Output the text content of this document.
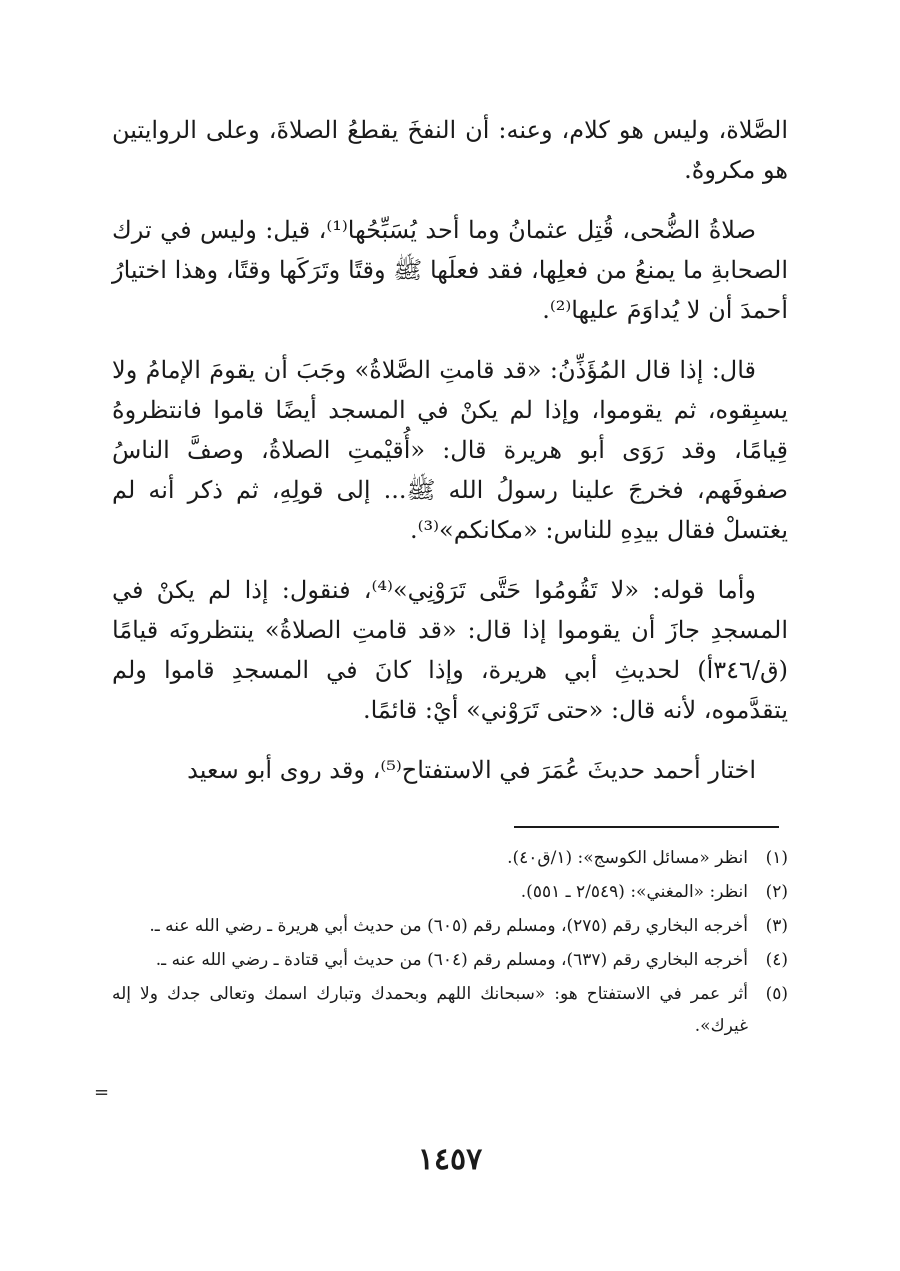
الصَّلاة، وليس هو كلام، وعنه: أن النفخَ يقطعُ الصلاةَ، وعلى الروايتين هو مكروهٌ.

صلاةُ الضُّحى، قُتِل عثمانُ وما أحد يُسَبِّحُها⁽¹⁾، قيل: وليس في ترك الصحابةِ ما يمنعُ من فعلِها، فقد فعلَها ﷺ وقتًا وتَرَكَها وقتًا، وهذا اختيارُ أحمدَ أن لا يُداوَمَ عليها⁽²⁾.

قال: إذا قال المُؤَذِّنُ: «قد قامتِ الصَّلاةُ» وجَبَ أن يقومَ الإمامُ ولا يسبِقوه، ثم يقوموا، وإذا لم يكنْ في المسجد أيضًا قاموا فانتظروهُ قِيامًا، وقد رَوَى أبو هريرة قال: «أُقيْمتِ الصلاةُ، وصفَّ الناسُ صفوفَهم، فخرجَ علينا رسولُ الله ﷺ... إلى قولِهِ، ثم ذكر أنه لم يغتسلْ فقال بيدِهِ للناس: «مكانكم»⁽³⁾.

وأما قوله: «لا تَقُومُوا حَتَّى تَرَوْنِي»⁽⁴⁾، فنقول: إذا لم يكنْ في المسجدِ جازَ أن يقوموا إذا قال: «قد قامتِ الصلاةُ» ينتظرونَه قيامًا (ق/٣٤٦أ) لحديثِ أبي هريرة، وإذا كانَ في المسجدِ قاموا ولم يتقدَّموه، لأنه قال: «حتى تَرَوْني» أيْ: قائمًا.

اختار أحمد حديثَ عُمَرَ في الاستفتاح⁽⁵⁾، وقد روى أبو سعيد

(١)
انظر «مسائل الكوسج»: (١/ق٤٠).
(٢)
انظر: «المغني»: (٢/٥٤٩ ـ ٥٥١).
(٣)
أخرجه البخاري رقم (٢٧٥)، ومسلم رقم (٦٠٥) من حديث أبي هريرة ـ رضي الله عنه ـ.
(٤)
أخرجه البخاري رقم (٦٣٧)، ومسلم رقم (٦٠٤) من حديث أبي قتادة ـ رضي الله عنه ـ.
(٥)
أثر عمر في الاستفتاح هو: «سبحانك اللهم وبحمدك وتبارك اسمك وتعالى جدك ولا إله غيرك».
=
١٤٥٧
